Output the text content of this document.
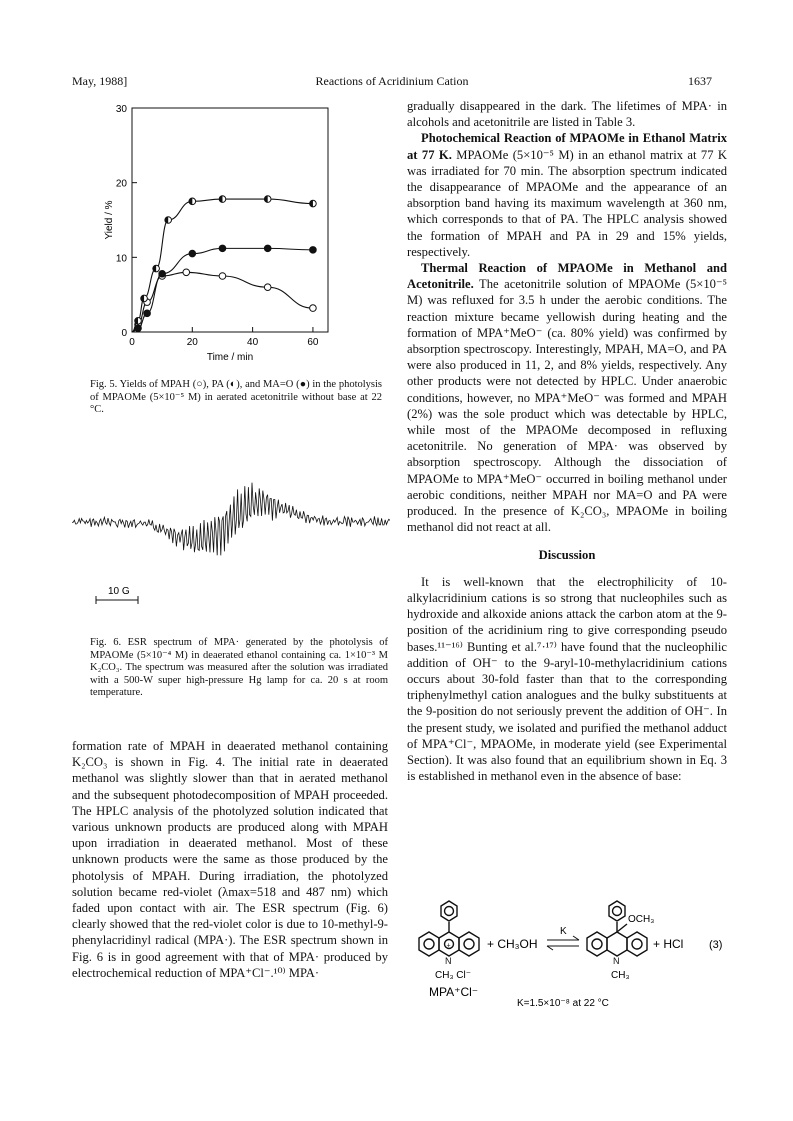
May, 1988]	Reactions of Acridinium Cation	1637
0
10
20
30
0	20	40	60
Time / min
Yield / %
Fig. 5. Yields of MPAH (○), PA (◐), and MA=O (●) in the photolysis of MPAOMe (5×10⁻⁵ M) in aerated acetonitrile without base at 22 °C.
10 G
Fig. 6. ESR spectrum of MPA· generated by the photolysis of MPAOMe (5×10⁻⁴ M) in deaerated ethanol containing ca. 1×10⁻³ M K₂CO₃. The spectrum was measured after the solution was irradiated with a 500-W super high-pressure Hg lamp for ca. 20 s at room temperature.

formation rate of MPAH in deaerated methanol containing K₂CO₃ is shown in Fig. 4. The initial rate in deaerated methanol was slightly slower than that in aerated methanol and the subsequent photodecomposition of MPAH proceeded. The HPLC analysis of the photolyzed solution indicated that various unknown products are produced along with MPAH upon irradiation in deaerated methanol. Most of these unknown products were the same as those produced by the photolysis of MPAH. During irradiation, the photolyzed solution became red-violet (λmax=518 and 487 nm) which faded upon contact with air. The ESR spectrum (Fig. 6) clearly showed that the red-violet color is due to 10-methyl-9-phenylacridinyl radical (MPA·). The ESR spectrum shown in Fig. 6 is in good agreement with that of MPA· produced by electrochemical reduction of MPA⁺Cl⁻.¹⁰⁾ MPA·

gradually disappeared in the dark. The lifetimes of MPA· in alcohols and acetonitrile are listed in Table 3.

Photochemical Reaction of MPAOMe in Ethanol Matrix at 77 K. MPAOMe (5×10⁻⁵ M) in an ethanol matrix at 77 K was irradiated for 70 min. The absorption spectrum indicated the disappearance of MPAOMe and the appearance of an absorption band having its maximum wavelength at 360 nm, which corresponds to that of PA. The HPLC analysis showed the formation of MPAH and PA in 29 and 15% yields, respectively.

Thermal Reaction of MPAOMe in Methanol and Acetonitrile. The acetonitrile solution of MPAOMe (5×10⁻⁵ M) was refluxed for 3.5 h under the aerobic conditions. The reaction mixture became yellowish during heating and the formation of MPA⁺MeO⁻ (ca. 80% yield) was confirmed by absorption spectroscopy. Interestingly, MPAH, MA=O, and PA were also produced in 11, 2, and 8% yields, respectively. Any other products were not detected by HPLC. Under anaerobic conditions, however, no MPA⁺MeO⁻ was formed and MPAH (2%) was the sole product which was detectable by HPLC, while most of the MPAOMe decomposed in refluxing acetonitrile. No generation of MPA· was observed by absorption spectroscopy. Although the dissociation of MPAOMe to MPA⁺MeO⁻ occurred in boiling methanol under aerobic conditions, neither MPAH nor MA=O and PA were produced. In the presence of K₂CO₃, MPAOMe in boiling methanol did not react at all.

Discussion

It is well-known that the electrophilicity of 10-alkylacridinium cations is so strong that nucleophiles such as hydroxide and alkoxide anions attack the carbon atom at the 9-position of the acridinium ring to give corresponding pseudo bases.¹¹⁻¹⁶⁾ Bunting et al.⁷·¹⁷⁾ have found that the nucleophilic addition of OH⁻ to the 9-aryl-10-methylacridinium cations occurs about 30-fold faster than that to the corresponding triphenylmethyl cation analogues and the bulky substituents at the 9-position do not seriously prevent the addition of OH⁻. In the present study, we isolated and purified the methanol adduct of MPA⁺Cl⁻, MPAOMe, in moderate yield (see Experimental Section). It was also found that an equilibrium shown in Eq. 3 is established in methanol even in the absence of base:

+
N
CH₃ Cl⁻
MPA⁺Cl⁻
+ CH₃OH
K
N
OCH₃
CH₃
+ HCl (3)
K=1.5×10⁻⁸ at 22 °C
